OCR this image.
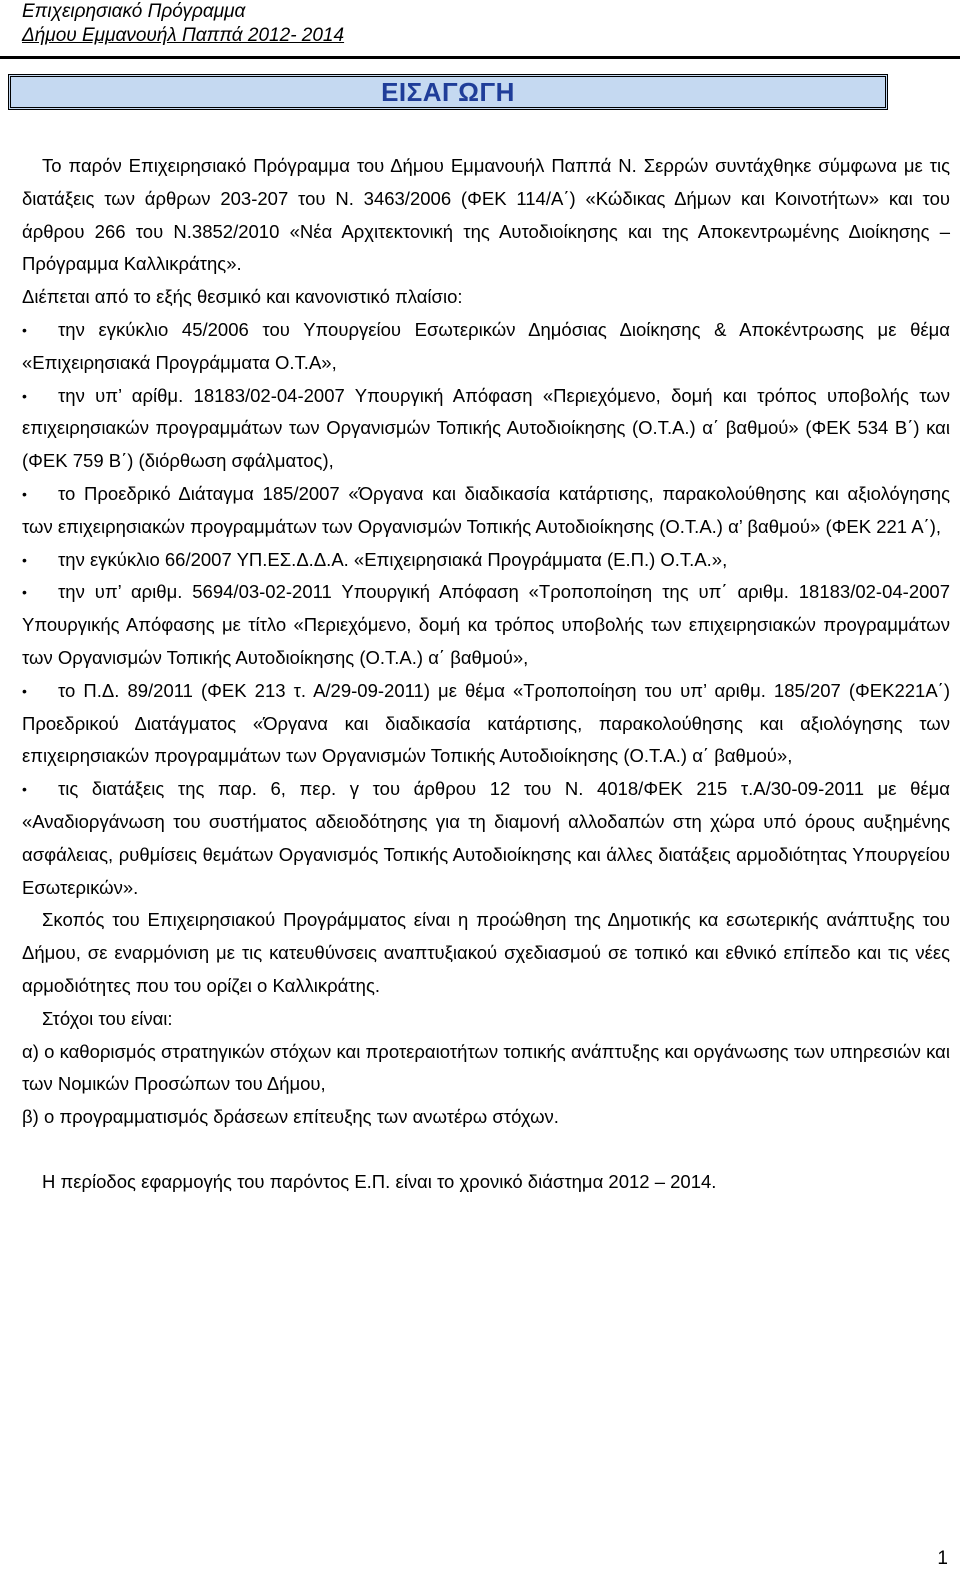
Επιχειρησιακό Πρόγραμμα
Δήμου Εμμανουήλ Παππά 2012- 2014
ΕΙΣΑΓΩΓΗ

Το παρόν Επιχειρησιακό Πρόγραμμα του Δήμου Εμμανουήλ Παππά Ν. Σερρών συντάχθηκε σύμφωνα με τις διατάξεις των άρθρων 203-207 του Ν. 3463/2006 (ΦΕΚ 114/Α΄) «Κώδικας Δήμων και Κοινοτήτων» και του άρθρου 266 του Ν.3852/2010 «Νέα Αρχιτεκτονική της Αυτοδιοίκησης και της Αποκεντρωμένης Διοίκησης – Πρόγραμμα Καλλικράτης».

Διέπεται από το εξής θεσμικό και κανονιστικό πλαίσιο:

• την εγκύκλιο 45/2006 του Υπουργείου Εσωτερικών Δημόσιας Διοίκησης & Αποκέντρωσης με θέμα «Επιχειρησιακά Προγράμματα Ο.Τ.Α»,
• την υπ’ αρίθμ. 18183/02-04-2007 Υπουργική Απόφαση «Περιεχόμενο, δομή και τρόπος υποβολής των επιχειρησιακών προγραμμάτων των Οργανισμών Τοπικής Αυτοδιοίκησης (Ο.Τ.Α.) α΄ βαθμού» (ΦΕΚ 534 Β΄) και (ΦΕΚ 759 Β΄) (διόρθωση σφάλματος),
• το Προεδρικό Διάταγμα 185/2007 «Όργανα και διαδικασία κατάρτισης, παρακολούθησης και αξιολόγησης των επιχειρησιακών προγραμμάτων των Οργανισμών Τοπικής Αυτοδιοίκησης (Ο.Τ.Α.) α’ βαθμού» (ΦΕΚ 221 Α΄),
• την εγκύκλιο 66/2007 ΥΠ.ΕΣ.Δ.Δ.Α. «Επιχειρησιακά Προγράμματα (Ε.Π.) Ο.Τ.Α.»,
• την υπ’ αριθμ. 5694/03-02-2011 Υπουργική Απόφαση «Τροποποίηση της υπ΄ αριθμ. 18183/02-04-2007 Υπουργικής Απόφασης με τίτλο «Περιεχόμενο, δομή κα τρόπος υποβολής των επιχειρησιακών προγραμμάτων των Οργανισμών Τοπικής Αυτοδιοίκησης (Ο.Τ.Α.) α΄ βαθμού»,
• το Π.Δ. 89/2011 (ΦΕΚ 213 τ. Α/29-09-2011) με θέμα «Τροποποίηση του υπ’ αριθμ. 185/207 (ΦΕΚ221Α΄) Προεδρικού Διατάγματος «Όργανα και διαδικασία κατάρτισης, παρακολούθησης και αξιολόγησης των επιχειρησιακών προγραμμάτων των Οργανισμών Τοπικής Αυτοδιοίκησης (Ο.Τ.Α.) α΄ βαθμού»,
• τις διατάξεις της παρ. 6, περ. γ του άρθρου 12 του Ν. 4018/ΦΕΚ 215 τ.Α/30-09-2011 με θέμα «Αναδιοργάνωση του συστήματος αδειοδότησης για τη διαμονή αλλοδαπών στη χώρα υπό όρους αυξημένης ασφάλειας, ρυθμίσεις θεμάτων Οργανισμός Τοπικής Αυτοδιοίκησης και άλλες διατάξεις αρμοδιότητας Υπουργείου Εσωτερικών».

Σκοπός του Επιχειρησιακού Προγράμματος είναι η προώθηση της Δημοτικής κα εσωτερικής ανάπτυξης του Δήμου, σε εναρμόνιση με τις κατευθύνσεις αναπτυξιακού σχεδιασμού σε τοπικό και εθνικό επίπεδο και τις νέες αρμοδιότητες που του ορίζει ο Καλλικράτης.

Στόχοι του είναι:

α) ο καθορισμός στρατηγικών στόχων και προτεραιοτήτων τοπικής ανάπτυξης και οργάνωσης των υπηρεσιών και των Νομικών Προσώπων του Δήμου,

β) ο προγραμματισμός δράσεων επίτευξης των ανωτέρω στόχων.

Η περίοδος εφαρμογής του παρόντος Ε.Π. είναι το χρονικό διάστημα 2012 – 2014.

1
